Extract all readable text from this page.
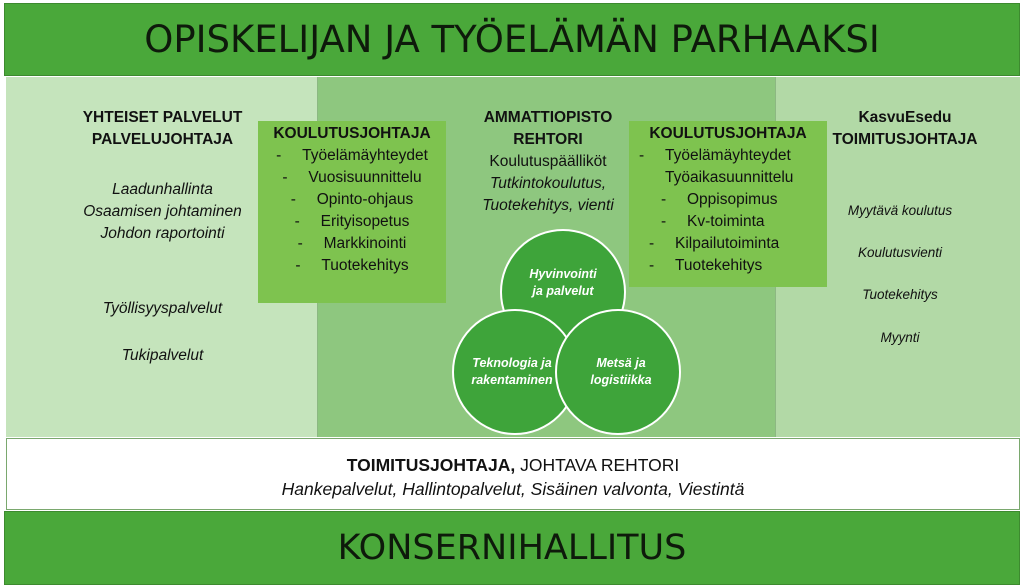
OPISKELIJAN JA TYÖELÄMÄN PARHAAKSI
YHTEISET PALVELUT
PALVELUJOHTAJA
Laadunhallinta
Osaamisen johtaminen
Johdon raportointi
Työllisyyspalvelut
Tukipalvelut
KOULUTUSJOHTAJA
- Työelämäyhteydet
- Vuosisuunnittelu
- Opinto-ohjaus
- Erityisopetus
- Markkinointi
- Tuotekehitys
AMMATTIOPISTO
REHTORI
Koulutuspäälliköt
Tutkintokoulutus,
Tuotekehitys, vienti
Hyvinvointi
ja palvelut
Teknologia ja
rakentaminen
Metsä ja
logistiikka
KOULUTUSJOHTAJA
- Työelämäyhteydet
Työaikasuunnittelu
- Oppisopimus
- Kv-toiminta
- Kilpailutoiminta
- Tuotekehitys
KasvuEsedu
TOIMITUSJOHTAJA
Myytävä koulutus
Koulutusvienti
Tuotekehitys
Myynti
TOIMITUSJOHTAJA, JOHTAVA REHTORI
Hankepalvelut, Hallintopalvelut, Sisäinen valvonta, Viestintä
KONSERNIHALLITUS
